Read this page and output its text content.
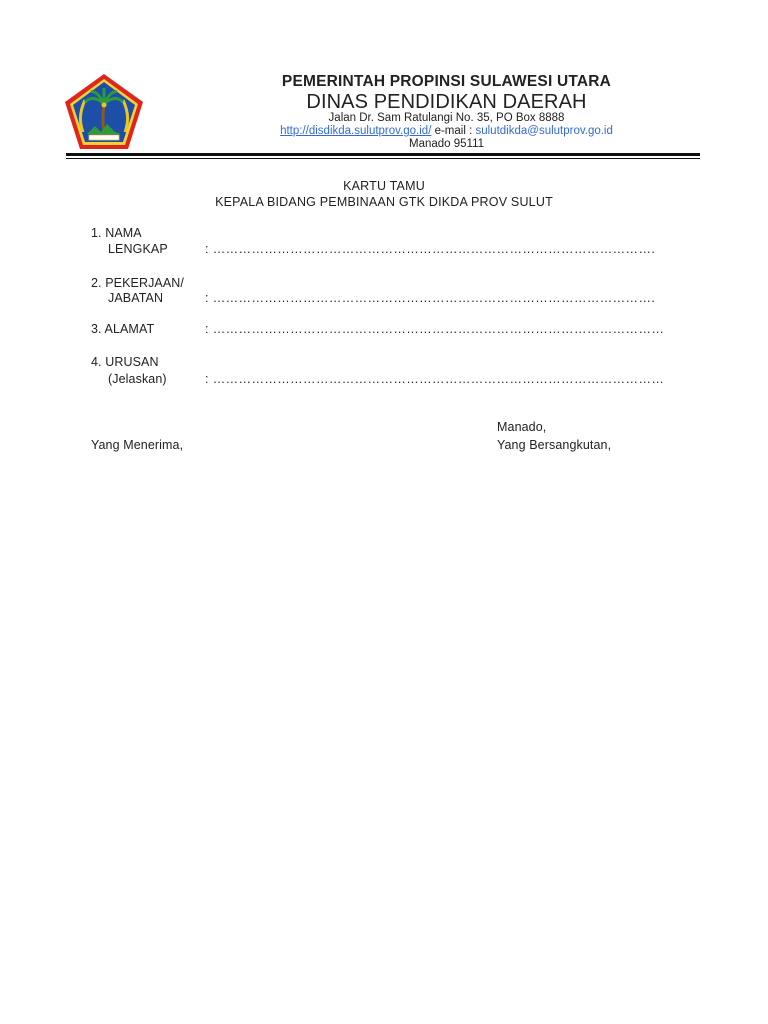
PEMERINTAH PROPINSI SULAWESI UTARA
DINAS PENDIDIKAN DAERAH
Jalan Dr. Sam Ratulangi No. 35, PO Box 8888
http://disdikda.sulutprov.go.id/ e-mail : sulutdikda@sulutprov.go.id
Manado 95111
KARTU TAMU
KEPALA BIDANG PEMBINAAN GTK DIKDA PROV SULUT
1. NAMA
LENGKAP	: ………………………………………………………………………………………….
2. PEKERJAAN/
JABATAN	: ………………………………………………………………………………………….
3. ALAMAT	: ……………………………………………………………………………………………
4. URUSAN
(Jelaskan)	: ……………………………………………………………………………………………
Manado,
Yang Menerima,	Yang Bersangkutan,
